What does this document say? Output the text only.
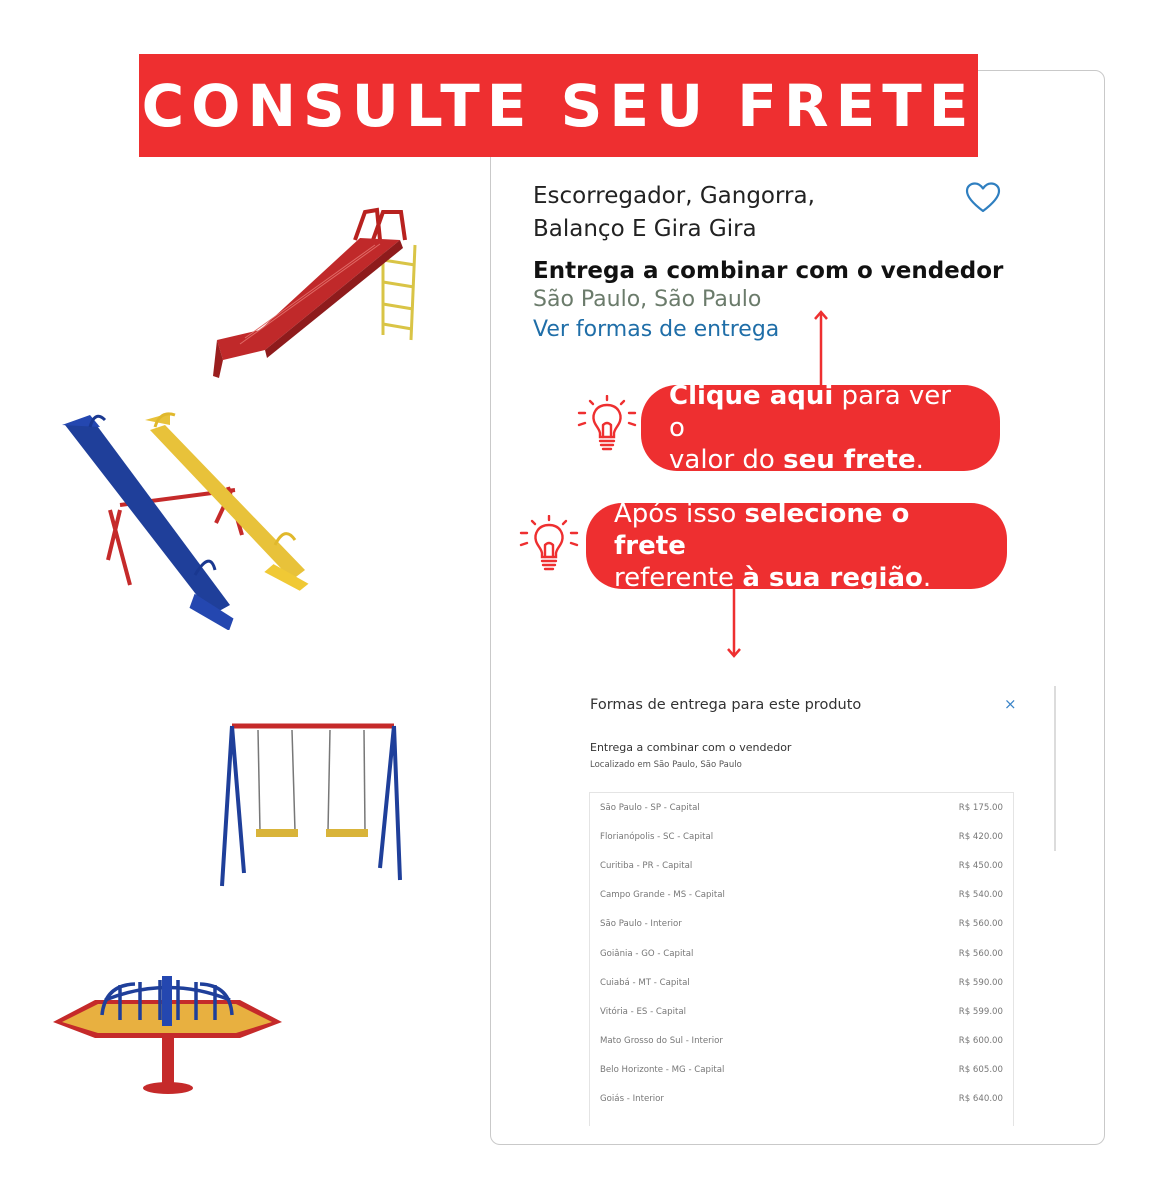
CONSULTE SEU FRETE
Escorregador, Gangorra,
Balanço E Gira Gira
Entrega a combinar com o vendedor
São Paulo, São Paulo
Ver formas de entrega
Clique aqui para ver o
valor do seu frete.
Após isso selecione o frete
referente à sua região.
Formas de entrega para este produto	×
Entrega a combinar com o vendedor
Localizado em São Paulo, São Paulo
São Paulo - SP - Capital	R$ 175.00
Florianópolis - SC - Capital	R$ 420.00
Curitiba - PR - Capital	R$ 450.00
Campo Grande - MS - Capital	R$ 540.00
São Paulo - Interior	R$ 560.00
Goiânia - GO - Capital	R$ 560.00
Cuiabá - MT - Capital	R$ 590.00
Vitória - ES - Capital	R$ 599.00
Mato Grosso do Sul - Interior	R$ 600.00
Belo Horizonte - MG - Capital	R$ 605.00
Goiás - Interior	R$ 640.00
